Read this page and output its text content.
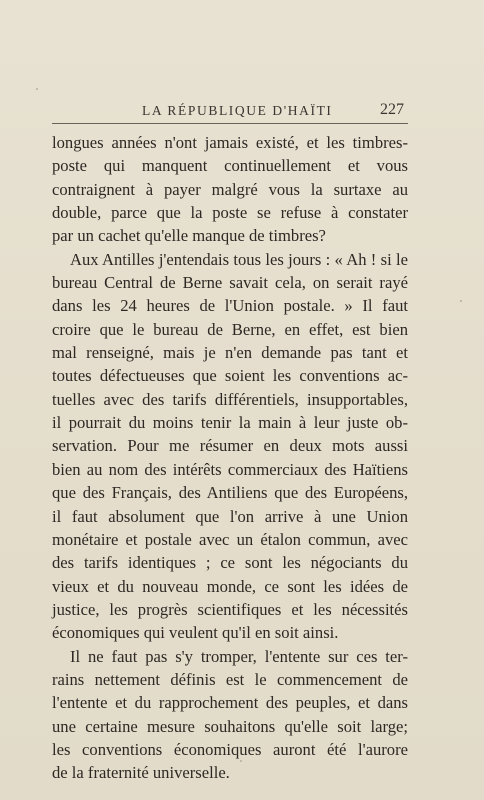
LA RÉPUBLIQUE D'HAÏTI	227
longues années n'ont jamais existé, et les timbres-
poste qui manquent continuellement et vous
contraignent à payer malgré vous la surtaxe au
double, parce que la poste se refuse à constater
par un cachet qu'elle manque de timbres?
Aux Antilles j'entendais tous les jours : « Ah ! si le
bureau Central de Berne savait cela, on serait rayé
dans les 24 heures de l'Union postale. » Il faut
croire que le bureau de Berne, en effet, est bien
mal renseigné, mais je n'en demande pas tant et
toutes défectueuses que soient les conventions ac-
tuelles avec des tarifs différentiels, insupportables,
il pourrait du moins tenir la main à leur juste ob-
servation. Pour me résumer en deux mots aussi
bien au nom des intérêts commerciaux des Haïtiens
que des Français, des Antiliens que des Européens,
il faut absolument que l'on arrive à une Union
monétaire et postale avec un étalon commun, avec
des tarifs identiques ; ce sont les négociants du
vieux et du nouveau monde, ce sont les idées de
justice, les progrès scientifiques et les nécessités
économiques qui veulent qu'il en soit ainsi.
Il ne faut pas s'y tromper, l'entente sur ces ter-
rains nettement définis est le commencement de
l'entente et du rapprochement des peuples, et dans
une certaine mesure souhaitons qu'elle soit large;
les conventions économiques auront été l'aurore
de la fraternité universelle.
